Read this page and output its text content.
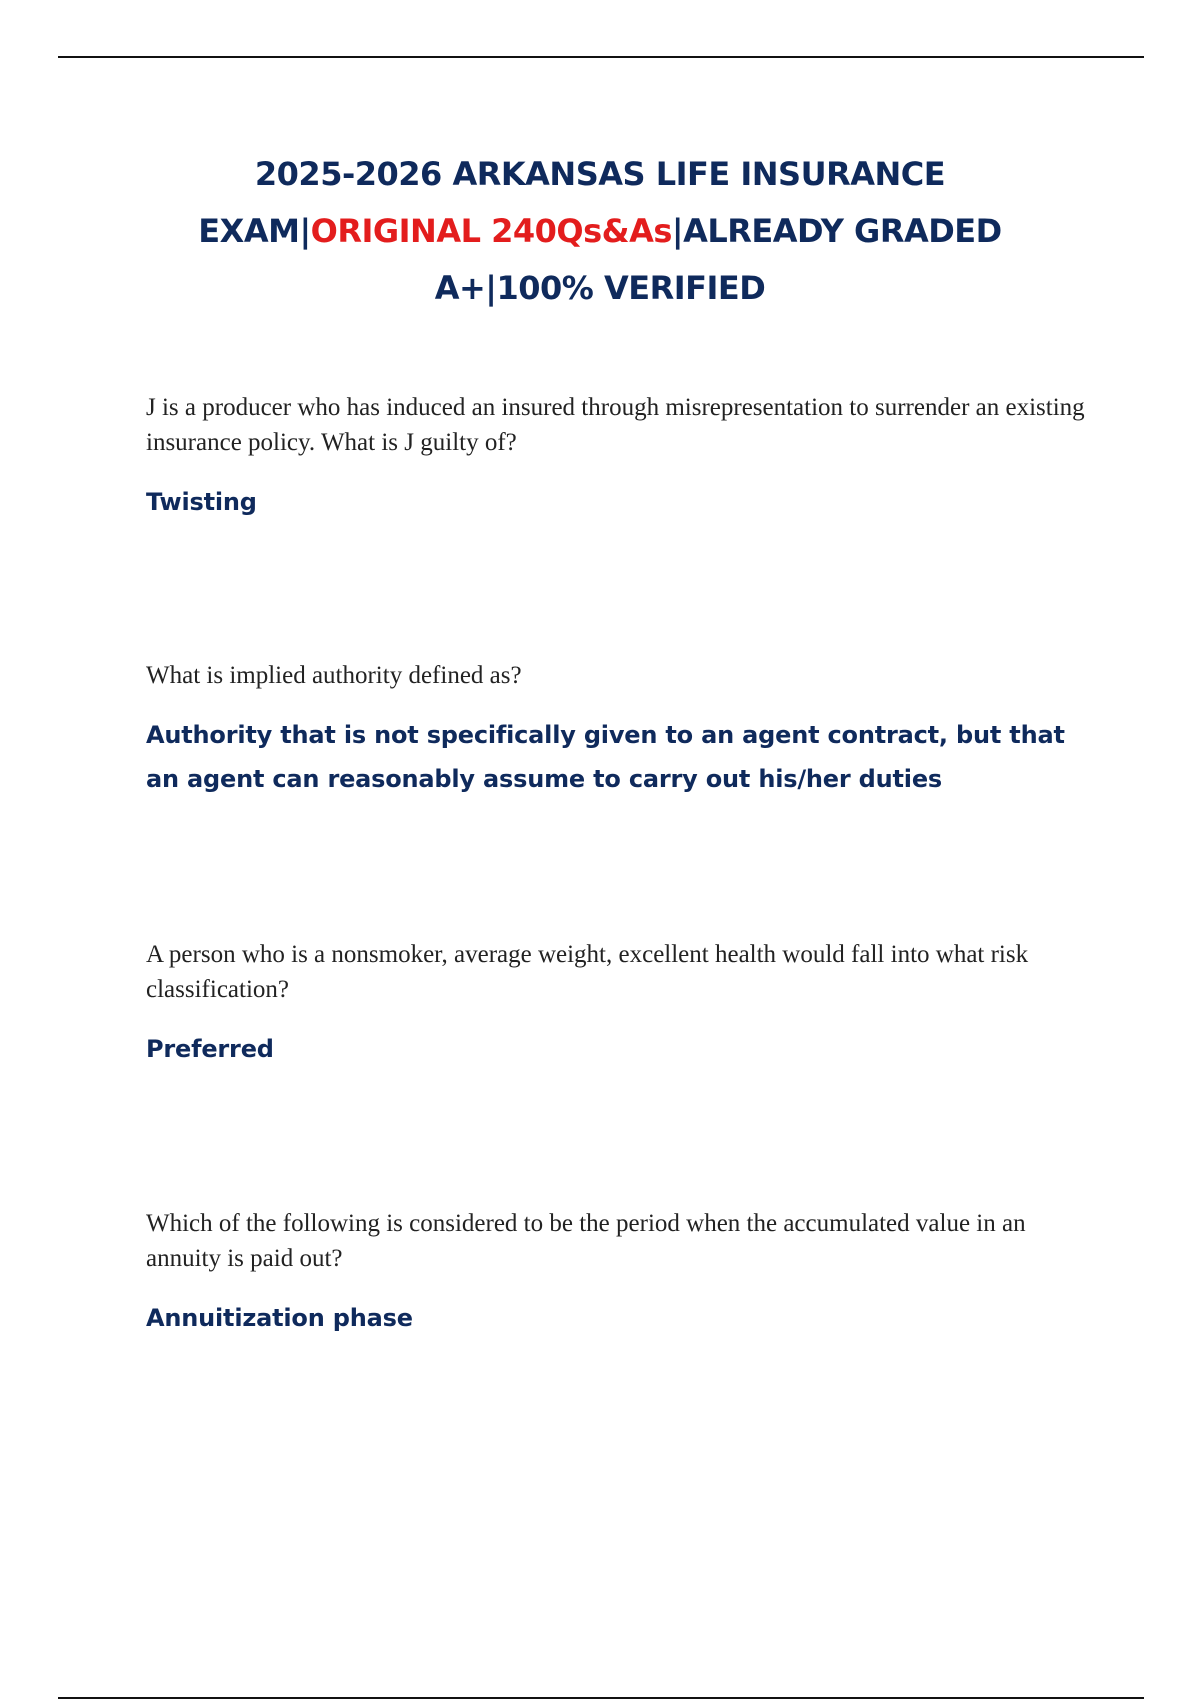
2025-2026 ARKANSAS LIFE INSURANCE
EXAM|ORIGINAL 240Qs&As|ALREADY GRADED
A+|100% VERIFIED

J is a producer who has induced an insured through misrepresentation to surrender an existing insurance policy. What is J guilty of?

Twisting

What is implied authority defined as?

Authority that is not specifically given to an agent contract, but that an agent can reasonably assume to carry out his/her duties

A person who is a nonsmoker, average weight, excellent health would fall into what risk classification?

Preferred

Which of the following is considered to be the period when the accumulated value in an annuity is paid out?

Annuitization phase
